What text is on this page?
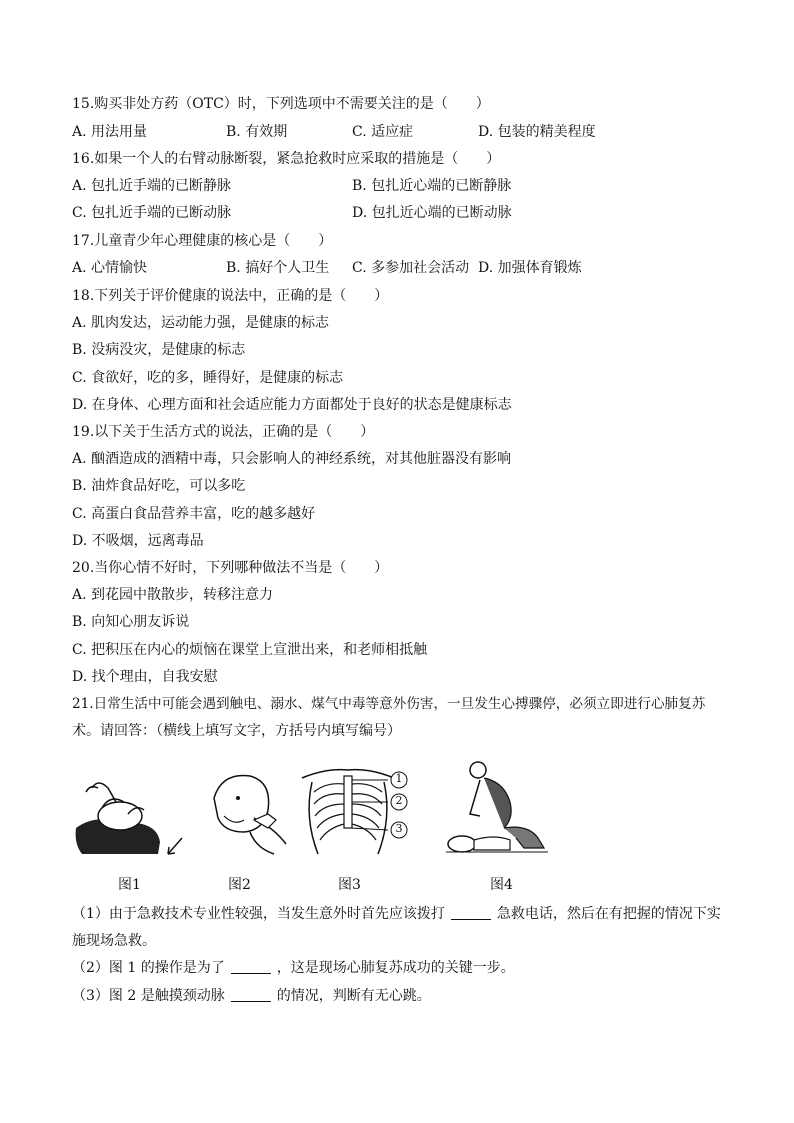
15.购买非处方药（OTC）时，下列选项中不需要关注的是（　　）
A. 用法用量	B. 有效期	C. 适应症	D. 包装的精美程度
16.如果一个人的右臂动脉断裂，紧急抢救时应采取的措施是（　　）
A. 包扎近手端的已断静脉	B. 包扎近心端的已断静脉
C. 包扎近手端的已断动脉	D. 包扎近心端的已断动脉
17.儿童青少年心理健康的核心是（　　）
A. 心情愉快	B. 搞好个人卫生 C. 多参加社会活动 D. 加强体育锻炼
18.下列关于评价健康的说法中，正确的是（　　）
A. 肌肉发达，运动能力强，是健康的标志
B. 没病没灾，是健康的标志
C. 食欲好，吃的多，睡得好，是健康的标志
D. 在身体、心理方面和社会适应能力方面都处于良好的状态是健康标志
19.以下关于生活方式的说法，正确的是（　　）
A. 酗酒造成的酒精中毒，只会影响人的神经系统，对其他脏器没有影响
B. 油炸食品好吃，可以多吃
C. 高蛋白食品营养丰富，吃的越多越好
D. 不吸烟，远离毒品
20.当你心情不好时，下列哪种做法不当是（　　）
A. 到花园中散散步，转移注意力
B. 向知心朋友诉说
C. 把积压在内心的烦恼在课堂上宣泄出来，和老师相抵触
D. 找个理由，自我安慰
21.日常生活中可能会遇到触电、溺水、煤气中毒等意外伤害，一旦发生心搏骤停，必须立即进行心肺复苏
术。请回答：（横线上填写文字，方括号内填写编号）
图1	图2
1
2
3
图3	图4
（1）由于急救技术专业性较强，当发生意外时首先应该拨打	急救电话，然后在有把握的情况下实
施现场急救。
（2）图 1 的操作是为了	，这是现场心肺复苏成功的关键一步。
（3）图 2 是触摸颈动脉	的情况，判断有无心跳。
